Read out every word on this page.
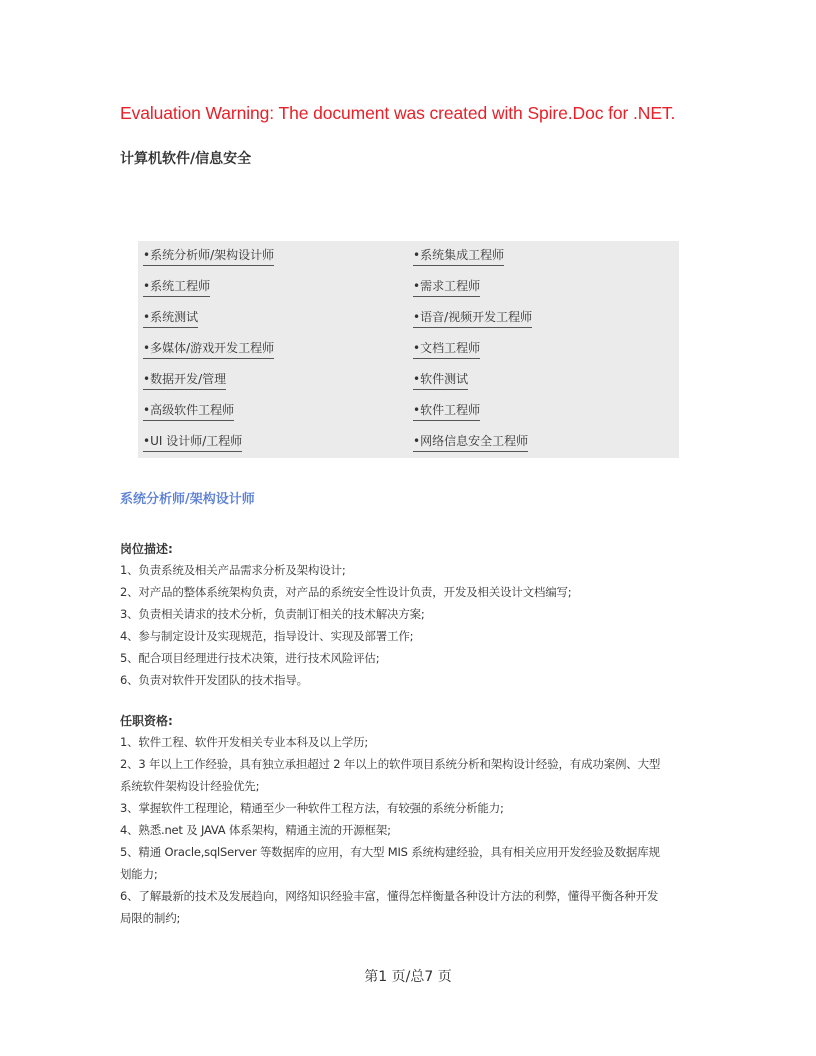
Evaluation Warning: The document was created with Spire.Doc for .NET.
计算机软件/信息安全
•系统分析师/架构设计师
•系统工程师
•系统测试
•多媒体/游戏开发工程师
•数据开发/管理
•高级软件工程师
•UI 设计师/工程师
•系统集成工程师
•需求工程师
•语音/视频开发工程师
•文档工程师
•软件测试
•软件工程师
•网络信息安全工程师
系统分析师/架构设计师
岗位描述:
1、负责系统及相关产品需求分析及架构设计;
2、对产品的整体系统架构负责，对产品的系统安全性设计负责，开发及相关设计文档编写;
3、负责相关请求的技术分析，负责制订相关的技术解决方案;
4、参与制定设计及实现规范，指导设计、实现及部署工作;
5、配合项目经理进行技术决策，进行技术风险评估;
6、负责对软件开发团队的技术指导。
任职资格:
1、软件工程、软件开发相关专业本科及以上学历;
2、3 年以上工作经验，具有独立承担超过 2 年以上的软件项目系统分析和架构设计经验，有成功案例、大型
系统软件架构设计经验优先;
3、掌握软件工程理论，精通至少一种软件工程方法，有较强的系统分析能力;
4、熟悉.net 及 JAVA 体系架构，精通主流的开源框架;
5、精通 Oracle,sqlServer 等数据库的应用，有大型 MIS 系统构建经验，具有相关应用开发经验及数据库规
划能力;
6、了解最新的技术及发展趋向，网络知识经验丰富，懂得怎样衡量各种设计方法的利弊，懂得平衡各种开发
局限的制约;
第1 页/总7 页
